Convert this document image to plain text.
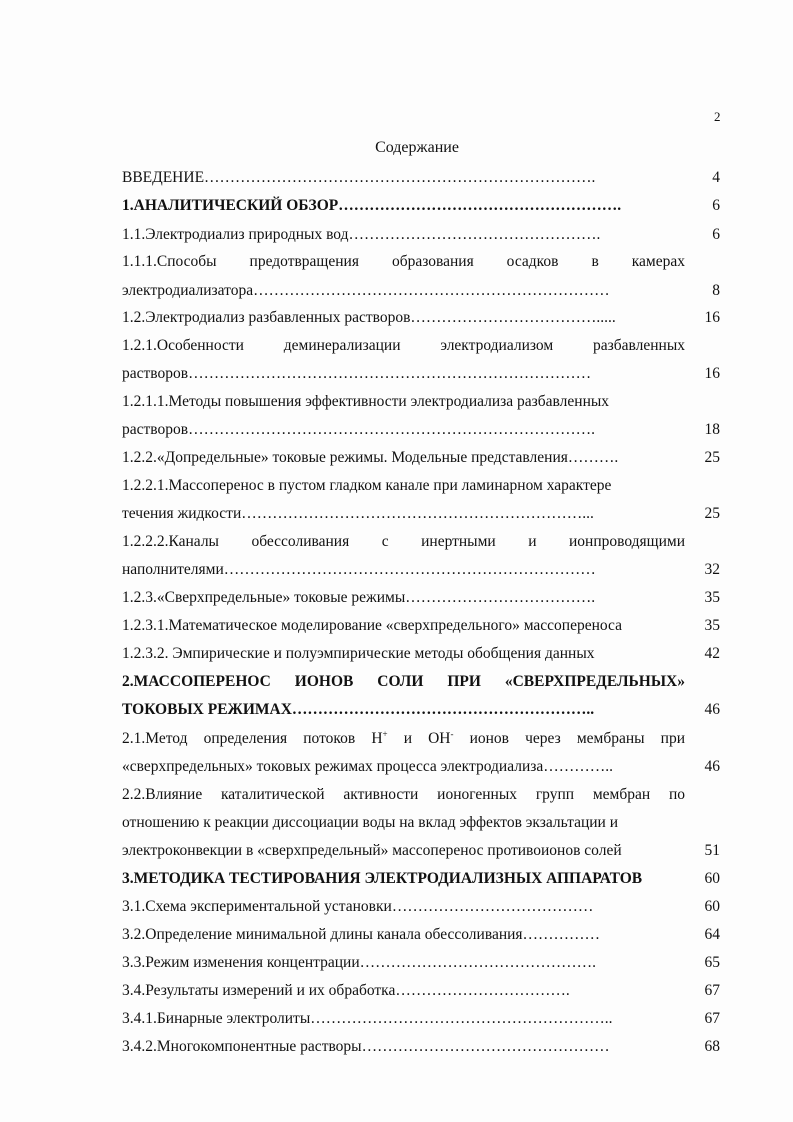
2
Содержание
ВВЕДЕНИЕ………………………………………………………………….	4
1.АНАЛИТИЧЕСКИЙ ОБЗОР……………………………………………….	6
1.1.Электродиализ природных вод………………………………………….	6
1.1.1.Способы предотвращения образования осадков в камерах
электродиализатора……………………………………………………………	8
1.2.Электродиализ разбавленных растворов……………………………….....	16
1.2.1.Особенности деминерализации электродиализом разбавленных
растворов……………………………………………………………………	16
1.2.1.1.Методы повышения эффективности электродиализа разбавленных
растворов…………………………………………………………………….	18
1.2.2.«Допредельные» токовые режимы. Модельные представления……….	25
1.2.2.1.Массоперенос в пустом гладком канале при ламинарном характере
течения жидкости…………………………………………………………...	25
1.2.2.2.Каналы обессоливания с инертными и ионпроводящими
наполнителями………………………………………………………………	32
1.2.3.«Сверхпредельные» токовые режимы……………………………….	35
1.2.3.1.Математическое моделирование «сверхпредельного» массопереноса	35
1.2.3.2. Эмпирические и полуэмпирические методы обобщения данных	42
2.МАССОПЕРЕНОС ИОНОВ СОЛИ ПРИ «СВЕРХПРЕДЕЛЬНЫХ»
ТОКОВЫХ РЕЖИМАХ…………………………………………………..	46
2.1.Метод определения потоков H+ и OH- ионов через мембраны при
«сверхпредельных» токовых режимах процесса электродиализа…………..	46
2.2.Влияние каталитической активности ионогенных групп мембран по
отношению к реакции диссоциации воды на вклад эффектов экзальтации и
электроконвекции в «сверхпредельный» массоперенос противоионов солей	51
3.МЕТОДИКА ТЕСТИРОВАНИЯ ЭЛЕКТРОДИАЛИЗНЫХ АППАРАТОВ	60
3.1.Схема экспериментальной установки…………………………………	60
3.2.Определение минимальной длины канала обессоливания……………	64
3.3.Режим изменения концентрации……………………………………….	65
3.4.Результаты измерений и их обработка…………………………….	67
3.4.1.Бинарные электролиты…………………………………………………..	67
3.4.2.Многокомпонентные растворы…………………………………………	68
